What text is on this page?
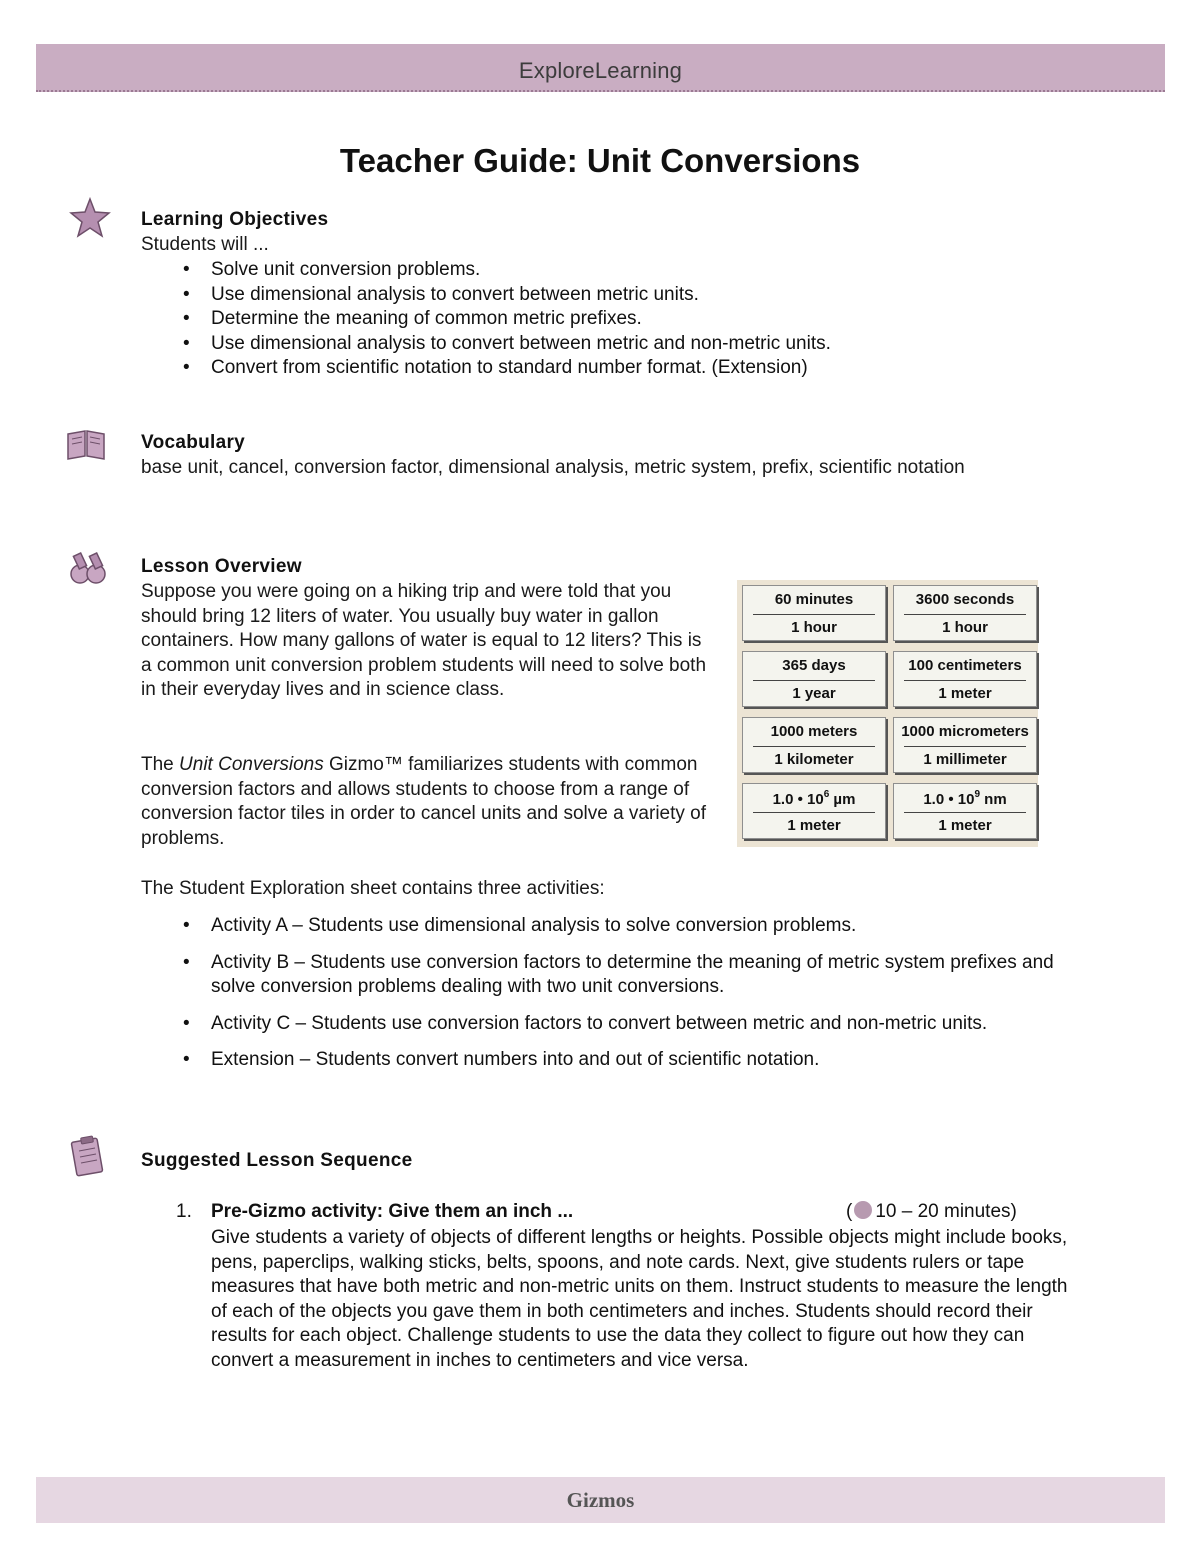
ExploreLearning
Teacher Guide: Unit Conversions
Learning Objectives
Students will ...
• Solve unit conversion problems.
• Use dimensional analysis to convert between metric units.
• Determine the meaning of common metric prefixes.
• Use dimensional analysis to convert between metric and non-metric units.
• Convert from scientific notation to standard number format. (Extension)
Vocabulary
base unit, cancel, conversion factor, dimensional analysis, metric system, prefix, scientific notation
Lesson Overview
Suppose you were going on a hiking trip and were told that you should bring 12 liters of water. You usually buy water in gallon containers. How many gallons of water is equal to 12 liters? This is a common unit conversion problem students will need to solve both in their everyday lives and in science class.
The Unit Conversions Gizmo™ familiarizes students with common conversion factors and allows students to choose from a range of conversion factor tiles in order to cancel units and solve a variety of problems.
The Student Exploration sheet contains three activities:
60 minutes
1 hour
3600 seconds
1 hour
365 days
1 year
100 centimeters
1 meter
1000 meters
1 kilometer
1000 micrometers
1 millimeter
1.0 • $10^6$ µm
1 meter
1.0 • $10^9$ nm
1 meter
• Activity A – Students use dimensional analysis to solve conversion problems.
• Activity B – Students use conversion factors to determine the meaning of metric system prefixes and solve conversion problems dealing with two unit conversions.
• Activity C – Students use conversion factors to convert between metric and non-metric units.
• Extension – Students convert numbers into and out of scientific notation.
Suggested Lesson Sequence
1. Pre-Gizmo activity: Give them an inch ...	( 10 – 20 minutes)
Give students a variety of objects of different lengths or heights. Possible objects might include books, pens, paperclips, walking sticks, belts, spoons, and note cards. Next, give students rulers or tape measures that have both metric and non-metric units on them. Instruct students to measure the length of each of the objects you gave them in both centimeters and inches. Students should record their results for each object. Challenge students to use the data they collect to figure out how they can convert a measurement in inches to centimeters and vice versa.
Gizmos
